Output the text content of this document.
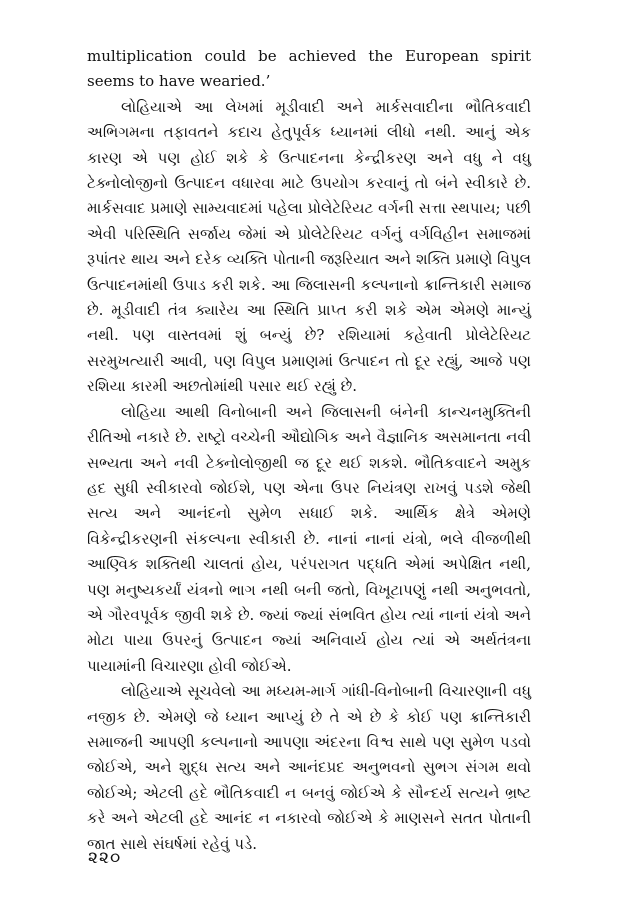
multiplication could be achieved the European spirit seems to have wearied.’

લોહિયાએ આ લેખમાં મૂડીવાદી અને માર્કસવાદીના ભૌતિકવાદી અભિગમના તફાવતને કદાચ હેતુપૂર્વક ધ્યાનમાં લીધો નથી. આનું એક કારણ એ પણ હોઈ શકે કે ઉત્પાદનના કેન્દ્રીકરણ અને વધુ ને વધુ ટેક્નોલોજીનો ઉત્પાદન વધારવા માટે ઉપયોગ કરવાનું તો બંને સ્વીકારે છે. માર્કસવાદ પ્રમાણે સામ્યવાદમાં પહેલા પ્રોલેટેરિયટ વર્ગની સત્તા સ્થપાય; પછી એવી પરિસ્થિતિ સર્જાય જેમાં એ પ્રોલેટેરિયટ વર્ગનું વર્ગવિહીન સમાજમાં રૂપાંતર થાય અને દરેક વ્યક્તિ પોતાની જરૂરિયાત અને શક્તિ પ્રમાણે વિપુલ ઉત્પાદનમાંથી ઉપાડ કરી શકે. આ જિલાસની કલ્પનાનો ક્રાન્તિકારી સમાજ છે. મૂડીવાદી તંત્ર ક્યારેય આ સ્થિતિ પ્રાપ્ત કરી શકે એમ એમણે માન્યું નથી. પણ વાસ્તવમાં શું બન્યું છે? રશિયામાં કહેવાતી પ્રોલેટેરિયટ સરમુખત્યારી આવી, પણ વિપુલ પ્રમાણમાં ઉત્પાદન તો દૂર રહ્યું, આજે પણ રશિયા કારમી અછતોમાંથી પસાર થઈ રહ્યું છે.

લોહિયા આથી વિનોબાની અને જિલાસની બંનેની કાન્ચનમુક્તિની રીતિઓ નકારે છે. રાષ્ટ્રો વચ્ચેની ઔદ્યોગિક અને વૈજ્ઞાનિક અસમાનતા નવી સભ્યતા અને નવી ટેક્નોલોજીથી જ દૂર થઈ શકશે. ભૌતિકવાદને અમુક હદ સુધી સ્વીકારવો જોઈશે, પણ એના ઉપર નિયંત્રણ રાખવું પડશે જેથી સત્ય અને આનંદનો સુમેળ સધાઈ શકે. આર્થિક ક્ષેત્રે એમણે વિકેન્દ્રીકરણની સંકલ્પના સ્વીકારી છે. નાનાં નાનાં યંત્રો, ભલે વીજળીથી આણ્વિક શક્તિથી ચાલતાં હોય, પરંપરાગત પદ્ધતિ એમાં અપેક્ષિત નથી, પણ મનુષ્યકર્યાં યંત્રનો ભાગ નથી બની જતો, વિખૂટાપણું નથી અનુભવતો, એ ગૌરવપૂર્વક જીવી શકે છે. જ્યાં જ્યાં સંભવિત હોય ત્યાં નાનાં યંત્રો અને મોટા પાયા ઉપરનું ઉત્પાદન જ્યાં અનિવાર્ય હોય ત્યાં એ અર્થતંત્રના પાયામાંની વિચારણા હોવી જોઈએ.

લોહિયાએ સૂચવેલો આ મધ્યમ-માર્ગ ગાંધી-વિનોબાની વિચારણાની વધુ નજીક છે. એમણે જે ધ્યાન આપ્યું છે તે એ છે કે કોઈ પણ ક્રાન્તિકારી સમાજની આપણી કલ્પનાનો આપણા અંદરના વિશ્વ સાથે પણ સુમેળ પડવો જોઈએ, અને શુદ્ધ સત્ય અને આનંદપ્રદ અનુભવનો સુભગ સંગમ થવો જોઈએ; એટલી હદે ભૌતિકવાદી ન બનવું જોઈએ કે સૌન્દર્ય સત્યને ભ્રષ્ટ કરે અને એટલી હદે આનંદ ન નકારવો જોઈએ કે માણસને સતત પોતાની જાત સાથે સંઘર્ષમાં રહેવું પડે.

૨૨૦
